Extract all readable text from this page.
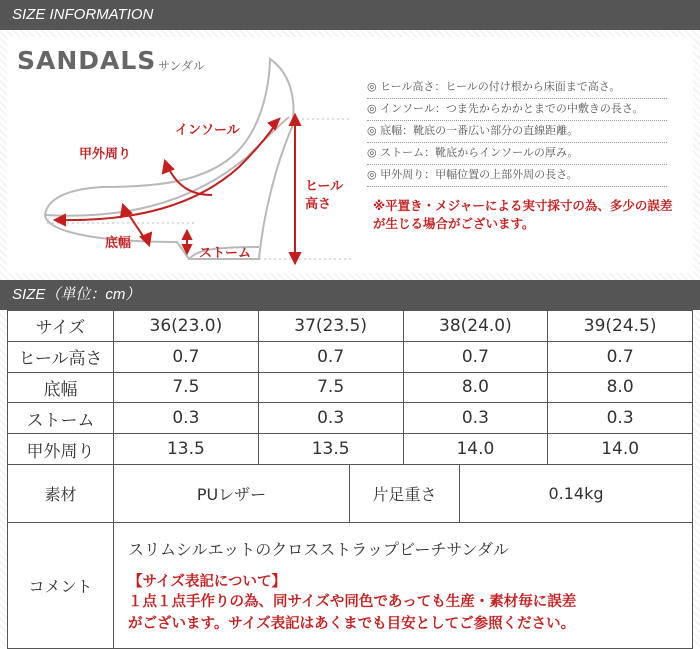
SIZE INFORMATION
SANDALS サンダル
インソール
甲外周り
底幅
ストーム
ヒール
高さ
◎ ヒール高さ：ヒールの付け根から床面まで高さ。
◎ インソール：つま先からかかとまでの中敷きの長さ。
◎ 底幅：靴底の一番広い部分の直線距離。
◎ ストーム：靴底からインソールの厚み。
◎ 甲外周り：甲幅位置の上部外周の長さ。
※平置き・メジャーによる実寸採寸の為、多少の誤差が生じる場合がございます。
SIZE（単位：cm）
サイズ	36(23.0)	37(23.5)	38(24.0)	39(24.5)
ヒール高さ	0.7	0.7	0.7	0.7
底幅	7.5	7.5	8.0	8.0
ストーム	0.3	0.3	0.3	0.3
甲外周り	13.5	13.5	14.0	14.0
素材	PUレザー	片足重さ	0.14kg
コメント	スリムシルエットのクロスストラップビーチサンダル
【サイズ表記について】
１点１点手作りの為、同サイズや同色であっても生産・素材毎に誤差
がございます。サイズ表記はあくまでも目安としてご参照ください。		
